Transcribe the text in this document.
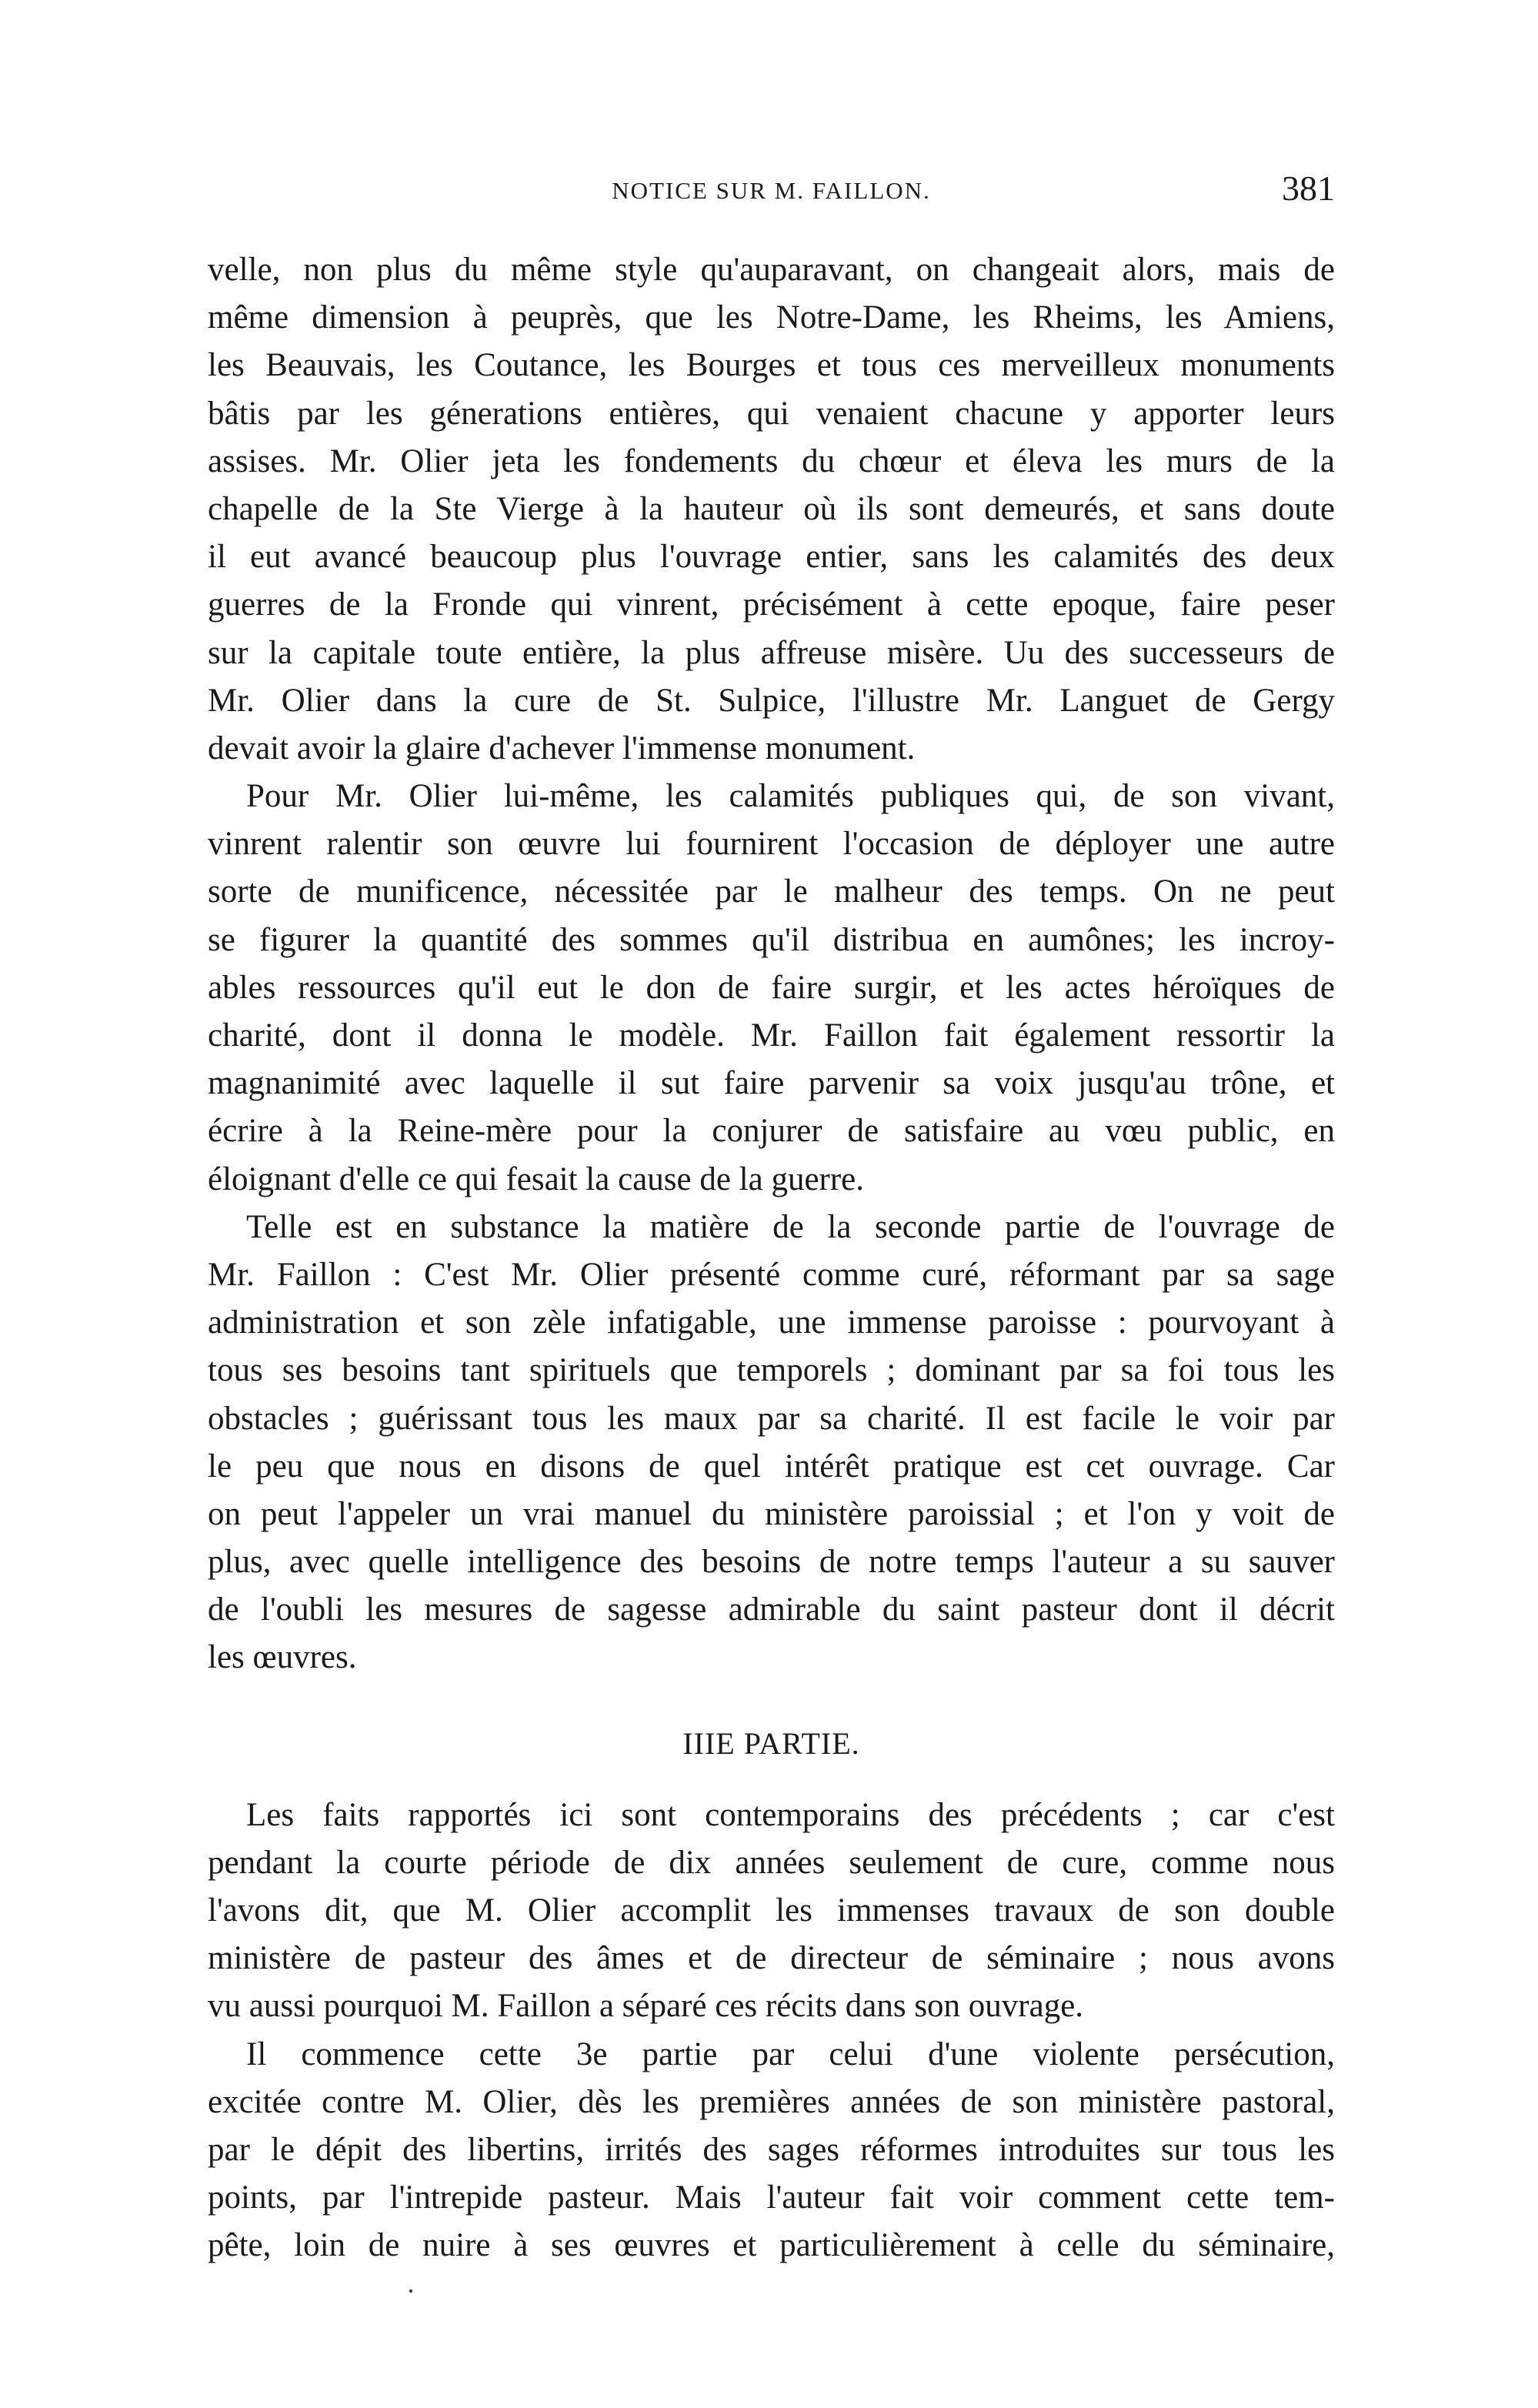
NOTICE SUR M. FAILLON.	381
velle, non plus du même style qu'auparavant, on changeait alors, mais de
même dimension à peuprès, que les Notre-Dame, les Rheims, les Amiens,
les Beauvais, les Coutance, les Bourges et tous ces merveilleux monuments
bâtis par les génerations entières, qui venaient chacune y apporter leurs
assises. Mr. Olier jeta les fondements du chœur et éleva les murs de la
chapelle de la Ste Vierge à la hauteur où ils sont demeurés, et sans doute
il eut avancé beaucoup plus l'ouvrage entier, sans les calamités des deux
guerres de la Fronde qui vinrent, précisément à cette epoque, faire peser
sur la capitale toute entière, la plus affreuse misère. Uu des successeurs de
Mr. Olier dans la cure de St. Sulpice, l'illustre Mr. Languet de Gergy
devait avoir la glaire d'achever l'immense monument.
Pour Mr. Olier lui-même, les calamités publiques qui, de son vivant,
vinrent ralentir son œuvre lui fournirent l'occasion de déployer une autre
sorte de munificence, nécessitée par le malheur des temps. On ne peut
se figurer la quantité des sommes qu'il distribua en aumônes; les incroy-
ables ressources qu'il eut le don de faire surgir, et les actes héroïques de
charité, dont il donna le modèle. Mr. Faillon fait également ressortir la
magnanimité avec laquelle il sut faire parvenir sa voix jusqu'au trône, et
écrire à la Reine-mère pour la conjurer de satisfaire au vœu public, en
éloignant d'elle ce qui fesait la cause de la guerre.
Telle est en substance la matière de la seconde partie de l'ouvrage de
Mr. Faillon : C'est Mr. Olier présenté comme curé, réformant par sa sage
administration et son zèle infatigable, une immense paroisse : pourvoyant à
tous ses besoins tant spirituels que temporels ; dominant par sa foi tous les
obstacles ; guérissant tous les maux par sa charité. Il est facile le voir par
le peu que nous en disons de quel intérêt pratique est cet ouvrage. Car
on peut l'appeler un vrai manuel du ministère paroissial ; et l'on y voit de
plus, avec quelle intelligence des besoins de notre temps l'auteur a su sauver
de l'oubli les mesures de sagesse admirable du saint pasteur dont il décrit
les œuvres.
IIIE PARTIE.
Les faits rapportés ici sont contemporains des précédents ; car c'est
pendant la courte période de dix années seulement de cure, comme nous
l'avons dit, que M. Olier accomplit les immenses travaux de son double
ministère de pasteur des âmes et de directeur de séminaire ; nous avons
vu aussi pourquoi M. Faillon a séparé ces récits dans son ouvrage.
Il commence cette 3e partie par celui d'une violente persécution,
excitée contre M. Olier, dès les premières années de son ministère pastoral,
par le dépit des libertins, irrités des sages réformes introduites sur tous les
points, par l'intrepide pasteur. Mais l'auteur fait voir comment cette tem-
pête, loin de nuire à ses œuvres et particulièrement à celle du séminaire,
